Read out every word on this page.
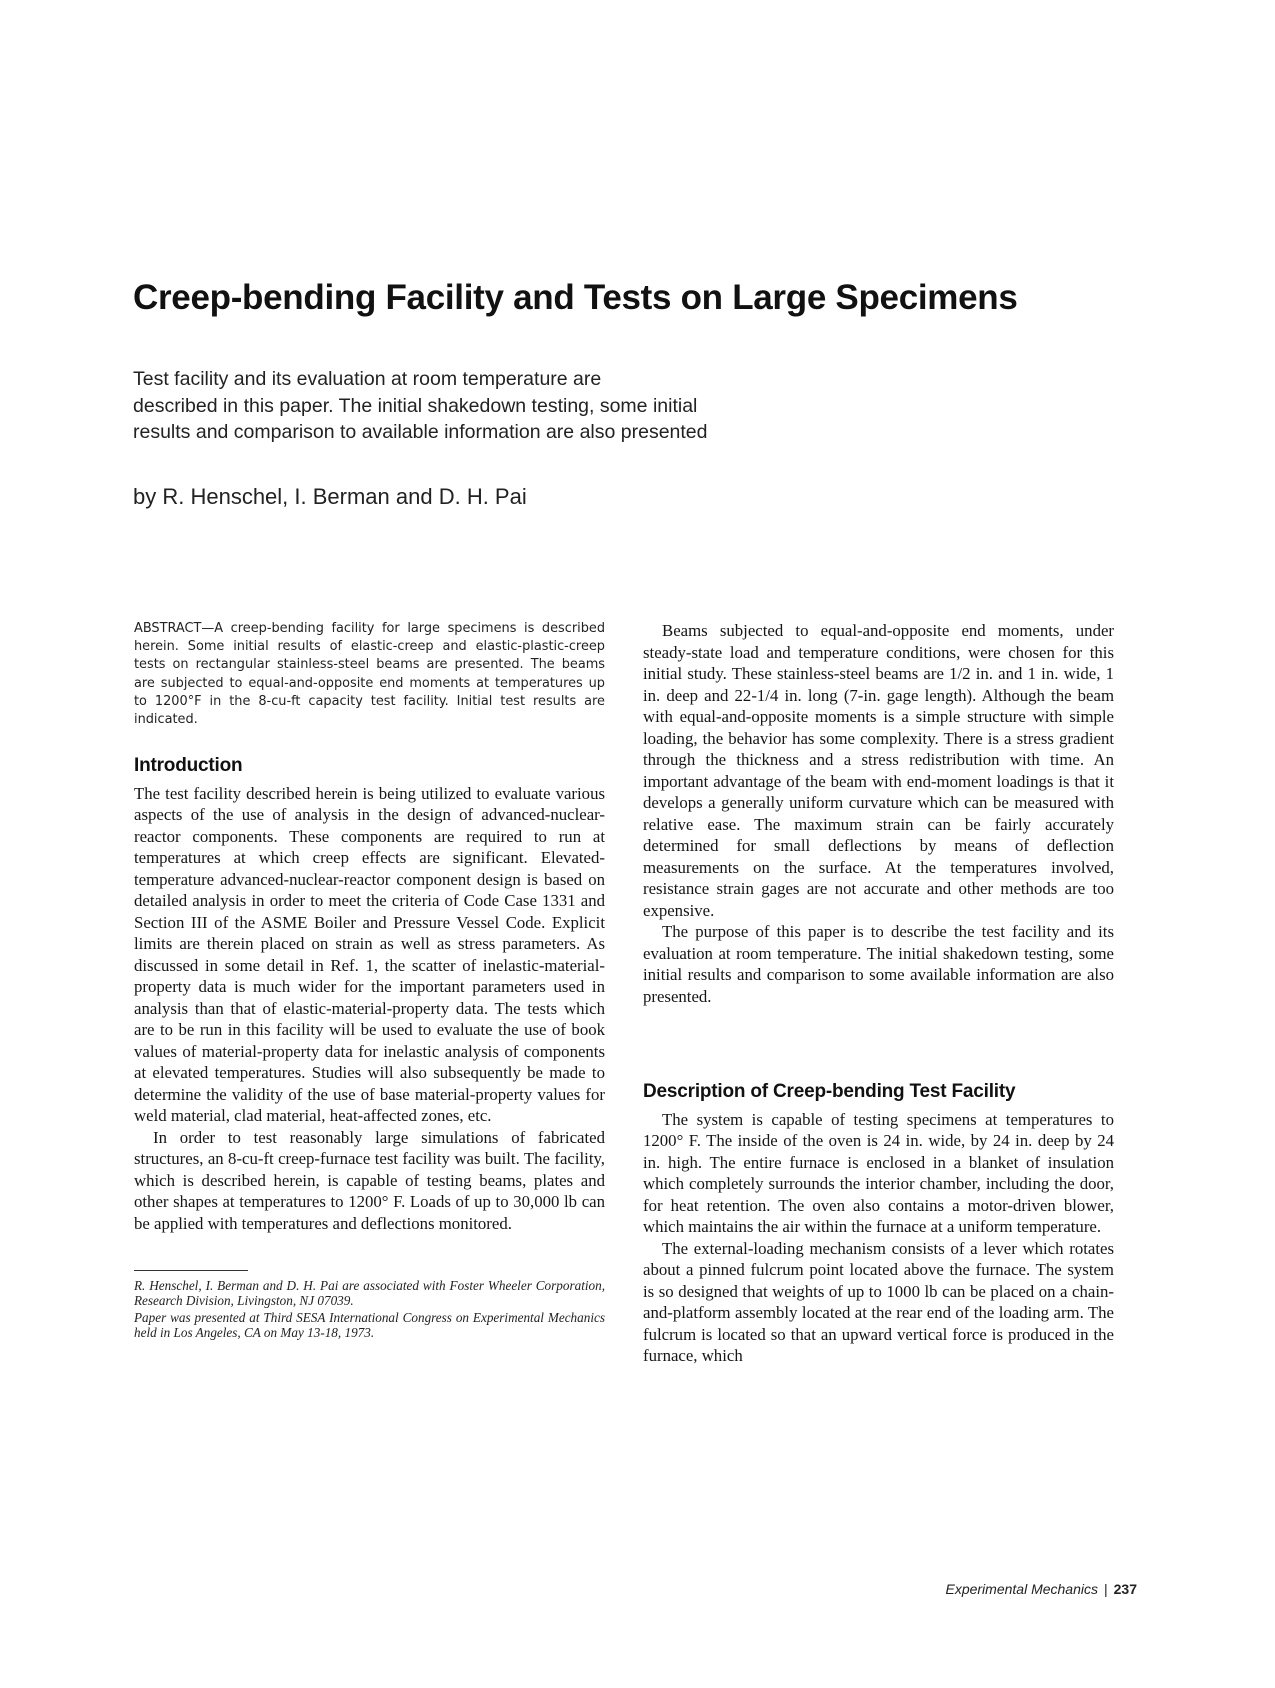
Creep-bending Facility and Tests on Large Specimens
Test facility and its evaluation at room temperature are
described in this paper. The initial shakedown testing, some initial
results and comparison to available information are also presented
by R. Henschel, I. Berman and D. H. Pai

ABSTRACT—A creep-bending facility for large specimens is described herein. Some initial results of elastic-creep and elastic-plastic-creep tests on rectangular stainless-steel beams are presented. The beams are subjected to equal-and-opposite end moments at temperatures up to 1200°F in the 8-cu-ft capacity test facility. Initial test results are indicated.

Introduction

The test facility described herein is being utilized to evaluate various aspects of the use of analysis in the design of advanced-nuclear-reactor components. These components are required to run at temperatures at which creep effects are significant. Elevated-temperature advanced-nuclear-reactor component design is based on detailed analysis in order to meet the criteria of Code Case 1331 and Section III of the ASME Boiler and Pressure Vessel Code. Explicit limits are therein placed on strain as well as stress parameters. As discussed in some detail in Ref. 1, the scatter of inelastic-material-property data is much wider for the important parameters used in analysis than that of elastic-material-property data. The tests which are to be run in this facility will be used to evaluate the use of book values of material-property data for inelastic analysis of components at elevated temperatures. Studies will also subsequently be made to determine the validity of the use of base material-property values for weld material, clad material, heat-affected zones, etc.

In order to test reasonably large simulations of fabricated structures, an 8-cu-ft creep-furnace test facility was built. The facility, which is described herein, is capable of testing beams, plates and other shapes at temperatures to 1200° F. Loads of up to 30,000 lb can be applied with temperatures and deflections monitored.

R. Henschel, I. Berman and D. H. Pai are associated with Foster Wheeler Corporation, Research Division, Livingston, NJ 07039.

Paper was presented at Third SESA International Congress on Experimental Mechanics held in Los Angeles, CA on May 13-18, 1973.

Beams subjected to equal-and-opposite end moments, under steady-state load and temperature conditions, were chosen for this initial study. These stainless-steel beams are 1/2 in. and 1 in. wide, 1 in. deep and 22-1/4 in. long (7-in. gage length). Although the beam with equal-and-opposite moments is a simple structure with simple loading, the behavior has some complexity. There is a stress gradient through the thickness and a stress redistribution with time. An important advantage of the beam with end-moment loadings is that it develops a generally uniform curvature which can be measured with relative ease. The maximum strain can be fairly accurately determined for small deflections by means of deflection measurements on the surface. At the temperatures involved, resistance strain gages are not accurate and other methods are too expensive.

The purpose of this paper is to describe the test facility and its evaluation at room temperature. The initial shakedown testing, some initial results and comparison to some available information are also presented.

Description of Creep-bending Test Facility

The system is capable of testing specimens at temperatures to 1200° F. The inside of the oven is 24 in. wide, by 24 in. deep by 24 in. high. The entire furnace is enclosed in a blanket of insulation which completely surrounds the interior chamber, including the door, for heat retention. The oven also contains a motor-driven blower, which maintains the air within the furnace at a uniform temperature.

The external-loading mechanism consists of a lever which rotates about a pinned fulcrum point located above the furnace. The system is so designed that weights of up to 1000 lb can be placed on a chain-and-platform assembly located at the rear end of the loading arm. The fulcrum is located so that an upward vertical force is produced in the furnace, which

Experimental Mechanics | 237
